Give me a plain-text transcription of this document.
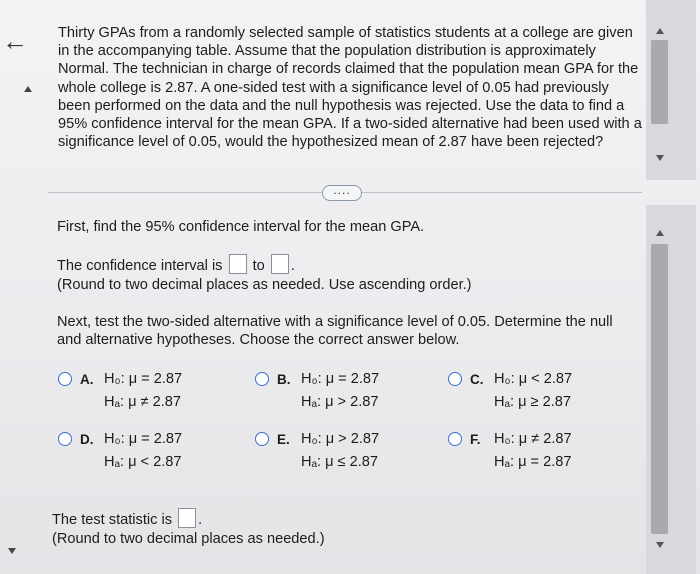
← Thirty GPAs from a randomly selected sample of statistics students at a college are given in the accompanying table. Assume that the population distribution is approximately Normal. The technician in charge of records claimed that the population mean GPA for the whole college is 2.87. A one-sided test with a significance level of 0.05 had previously been performed on the data and the null hypothesis was rejected. Use the data to find a 95% confidence interval for the mean GPA. If a two-sided alternative had been used with a significance level of 0.05, would the hypothesized mean of 2.87 have been rejected?
....
First, find the 95% confidence interval for the mean GPA.
The confidence interval is to .
(Round to two decimal places as needed. Use ascending order.)
Next, test the two-sided alternative with a significance level of 0.05. Determine the null and alternative hypotheses. Choose the correct answer below.
A. H₀: μ = 2.87
Hₐ: μ ≠ 2.87
B. H₀: μ = 2.87
Hₐ: μ > 2.87
C. H₀: μ < 2.87
Hₐ: μ ≥ 2.87
D. H₀: μ = 2.87
Hₐ: μ < 2.87
E. H₀: μ > 2.87
Hₐ: μ ≤ 2.87
F. H₀: μ ≠ 2.87
Hₐ: μ = 2.87
The test statistic is .
(Round to two decimal places as needed.)
